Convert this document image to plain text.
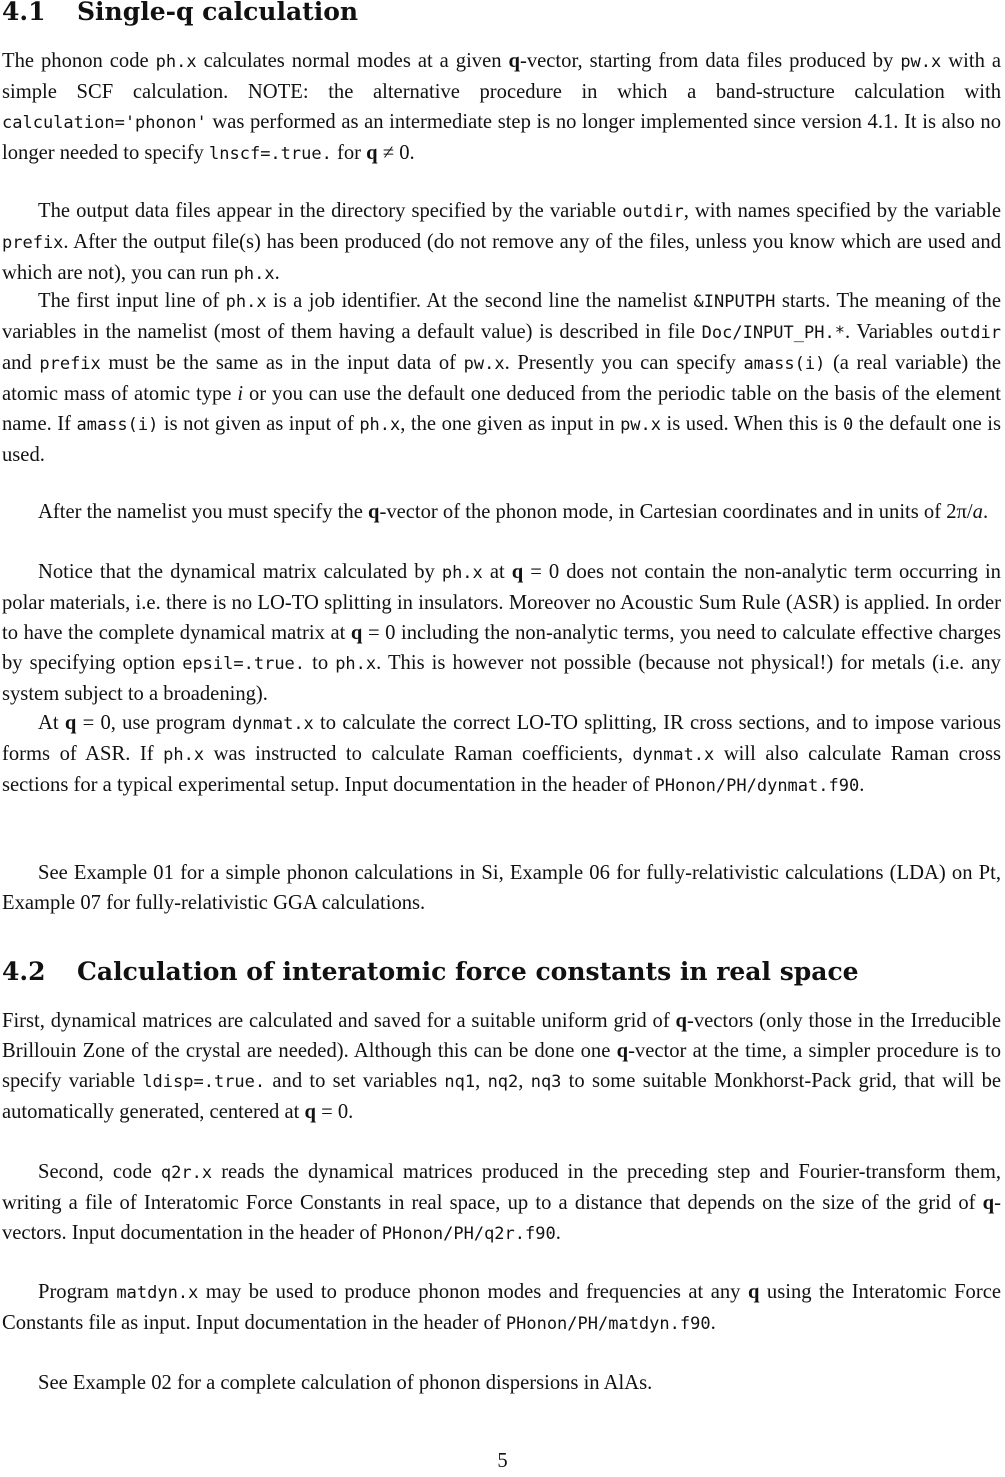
4.1 Single-q calculation

The phonon code ph.x calculates normal modes at a given q-vector, starting from data files produced by pw.x with a simple SCF calculation. NOTE: the alternative procedure in which a band-structure calculation with calculation='phonon' was performed as an intermediate step is no longer implemented since version 4.1. It is also no longer needed to specify lnscf=.true. for q ≠ 0.

The output data files appear in the directory specified by the variable outdir, with names specified by the variable prefix. After the output file(s) has been produced (do not remove any of the files, unless you know which are used and which are not), you can run ph.x.

The first input line of ph.x is a job identifier. At the second line the namelist &INPUTPH starts. The meaning of the variables in the namelist (most of them having a default value) is described in file Doc/INPUT_PH.*. Variables outdir and prefix must be the same as in the input data of pw.x. Presently you can specify amass(i) (a real variable) the atomic mass of atomic type i or you can use the default one deduced from the periodic table on the basis of the element name. If amass(i) is not given as input of ph.x, the one given as input in pw.x is used. When this is 0 the default one is used.

After the namelist you must specify the q-vector of the phonon mode, in Cartesian coordinates and in units of 2π/a.

Notice that the dynamical matrix calculated by ph.x at q = 0 does not contain the non-analytic term occurring in polar materials, i.e. there is no LO-TO splitting in insulators. Moreover no Acoustic Sum Rule (ASR) is applied. In order to have the complete dynamical matrix at q = 0 including the non-analytic terms, you need to calculate effective charges by specifying option epsil=.true. to ph.x. This is however not possible (because not physical!) for metals (i.e. any system subject to a broadening).

At q = 0, use program dynmat.x to calculate the correct LO-TO splitting, IR cross sections, and to impose various forms of ASR. If ph.x was instructed to calculate Raman coefficients, dynmat.x will also calculate Raman cross sections for a typical experimental setup. Input documentation in the header of PHonon/PH/dynmat.f90.

See Example 01 for a simple phonon calculations in Si, Example 06 for fully-relativistic calculations (LDA) on Pt, Example 07 for fully-relativistic GGA calculations.

4.2 Calculation of interatomic force constants in real space

First, dynamical matrices are calculated and saved for a suitable uniform grid of q-vectors (only those in the Irreducible Brillouin Zone of the crystal are needed). Although this can be done one q-vector at the time, a simpler procedure is to specify variable ldisp=.true. and to set variables nq1, nq2, nq3 to some suitable Monkhorst-Pack grid, that will be automatically generated, centered at q = 0.

Second, code q2r.x reads the dynamical matrices produced in the preceding step and Fourier-transform them, writing a file of Interatomic Force Constants in real space, up to a distance that depends on the size of the grid of q-vectors. Input documentation in the header of PHonon/PH/q2r.f90.

Program matdyn.x may be used to produce phonon modes and frequencies at any q using the Interatomic Force Constants file as input. Input documentation in the header of PHonon/PH/matdyn.f90.

See Example 02 for a complete calculation of phonon dispersions in AlAs.

5
